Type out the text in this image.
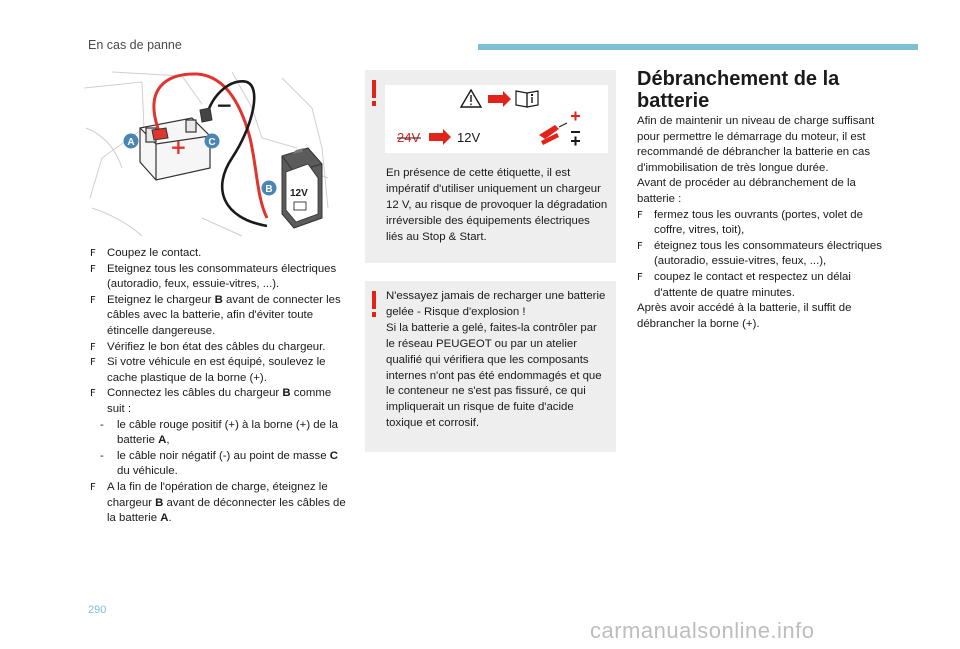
En cas de panne
+
−
12V
A	C
B
F Coupez le contact.
F Eteignez tous les consommateurs électriques (autoradio, feux, essuie-vitres, ...).
F Eteignez le chargeur B avant de connecter les câbles avec la batterie, afin d'éviter toute étincelle dangereuse.
F Vérifiez le bon état des câbles du chargeur.
F Si votre véhicule en est équipé, soulevez le cache plastique de la borne (+).
F Connectez les câbles du chargeur B comme suit :
- le câble rouge positif (+) à la borne (+) de la batterie A,
- le câble noir négatif (-) au point de masse C du véhicule.
F A la fin de l'opération de charge, éteignez le chargeur B avant de déconnecter les câbles de la batterie A.
24V	12V
En présence de cette étiquette, il est impératif d'utiliser uniquement un chargeur 12 V, au risque de provoquer la dégradation irréversible des équipements électriques liés au Stop & Start.
N'essayez jamais de recharger une batterie gelée - Risque d'explosion !
Si la batterie a gelé, faites-la contrôler par le réseau PEUGEOT ou par un atelier qualifié qui vérifiera que les composants internes n'ont pas été endommagés et que le conteneur ne s'est pas fissuré, ce qui impliquerait un risque de fuite d'acide toxique et corrosif.
Débranchement de la
batterie
Afin de maintenir un niveau de charge suffisant pour permettre le démarrage du moteur, il est recommandé de débrancher la batterie en cas d'immobilisation de très longue durée.
Avant de procéder au débranchement de la batterie :
F fermez tous les ouvrants (portes, volet de coffre, vitres, toit),
F éteignez tous les consommateurs électriques (autoradio, essuie-vitres, feux, ...),
F coupez le contact et respectez un délai d'attente de quatre minutes.
Après avoir accédé à la batterie, il suffit de débrancher la borne (+).
290
carmanualsonline.info
